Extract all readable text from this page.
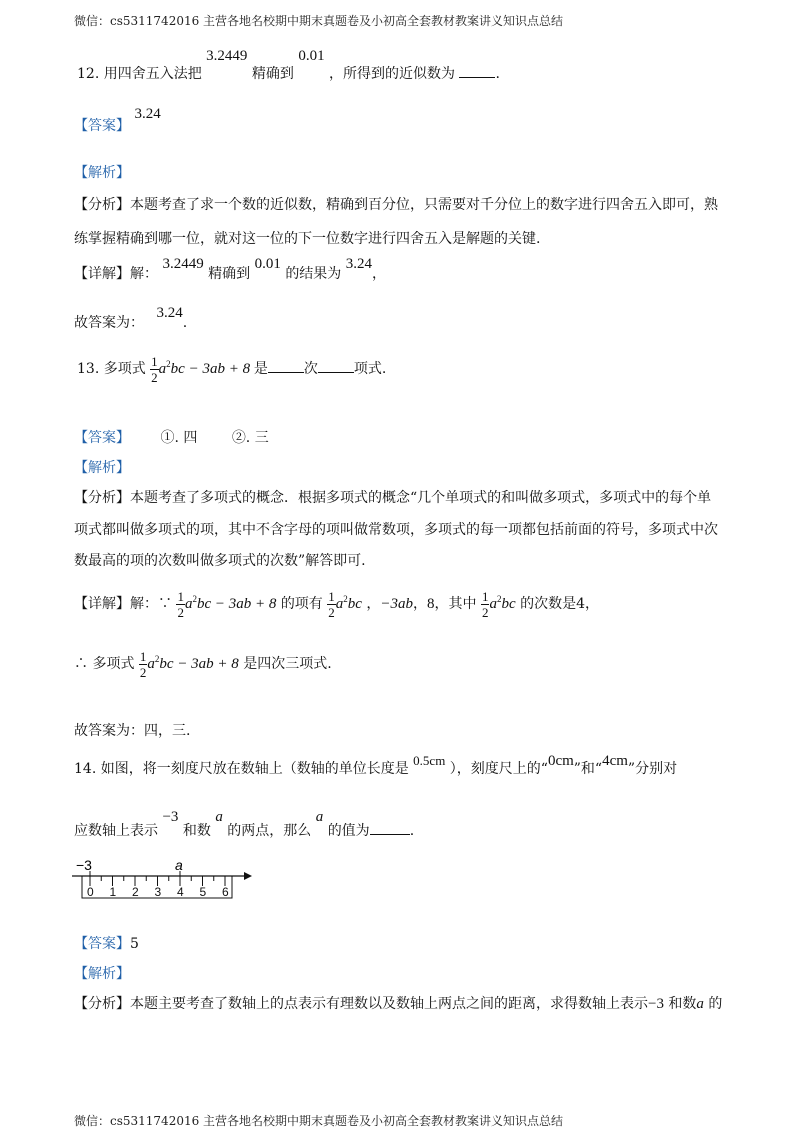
微信：cs5311742016 主营各地名校期中期末真题卷及小初高全套教材教案讲义知识点总结
12. 用四舍五入法把 3.2449 精确到 0.01 ，所得到的近似数为	.
【答案】 3.24
【解析】
【分析】本题考查了求一个数的近似数，精确到百分位，只需要对千分位上的数字进行四舍五入即可，熟
练掌握精确到哪一位，就对这一位的下一位数字进行四舍五入是解题的关键.
【详解】解： 3.2449 精确到 0.01 的结果为 3.24，
故答案为： 3.24.
13. 多项式 $\frac{1}{2} a^2bc - 3ab + 8$ 是	次	项式.
【答案】 ①. 四 ②. 三
【解析】
【分析】本题考查了多项式的概念．根据多项式的概念“几个单项式的和叫做多项式，多项式中的每个单
项式都叫做多项式的项，其中不含字母的项叫做常数项，多项式的每一项都包括前面的符号，多项式中次
数最高的项的次数叫做多项式的次数”解答即可.
【详解】解：∵ $\frac{1}{2} a^2bc - 3ab + 8$ 的项有 $\frac{1}{2} a^2bc$ ，−3ab，8，其中 $\frac{1}{2} a^2bc$ 的次数是4，
∴ 多项式 $\frac{1}{2} a^2bc - 3ab + 8$ 是四次三项式.
故答案为：四，三.
14. 如图，将一刻度尺放在数轴上（数轴的单位长度是 0.5cm ），刻度尺上的“0cm”和“4cm”分别对
应数轴上表示 −3 和数 a 的两点，那么 a 的值为	.
0 1 2 3 4 5 6
−3	a
【答案】5
【解析】
【分析】本题主要考查了数轴上的点表示有理数以及数轴上两点之间的距离，求得数轴上表示−3 和数a 的
微信：cs5311742016 主营各地名校期中期末真题卷及小初高全套教材教案讲义知识点总结
